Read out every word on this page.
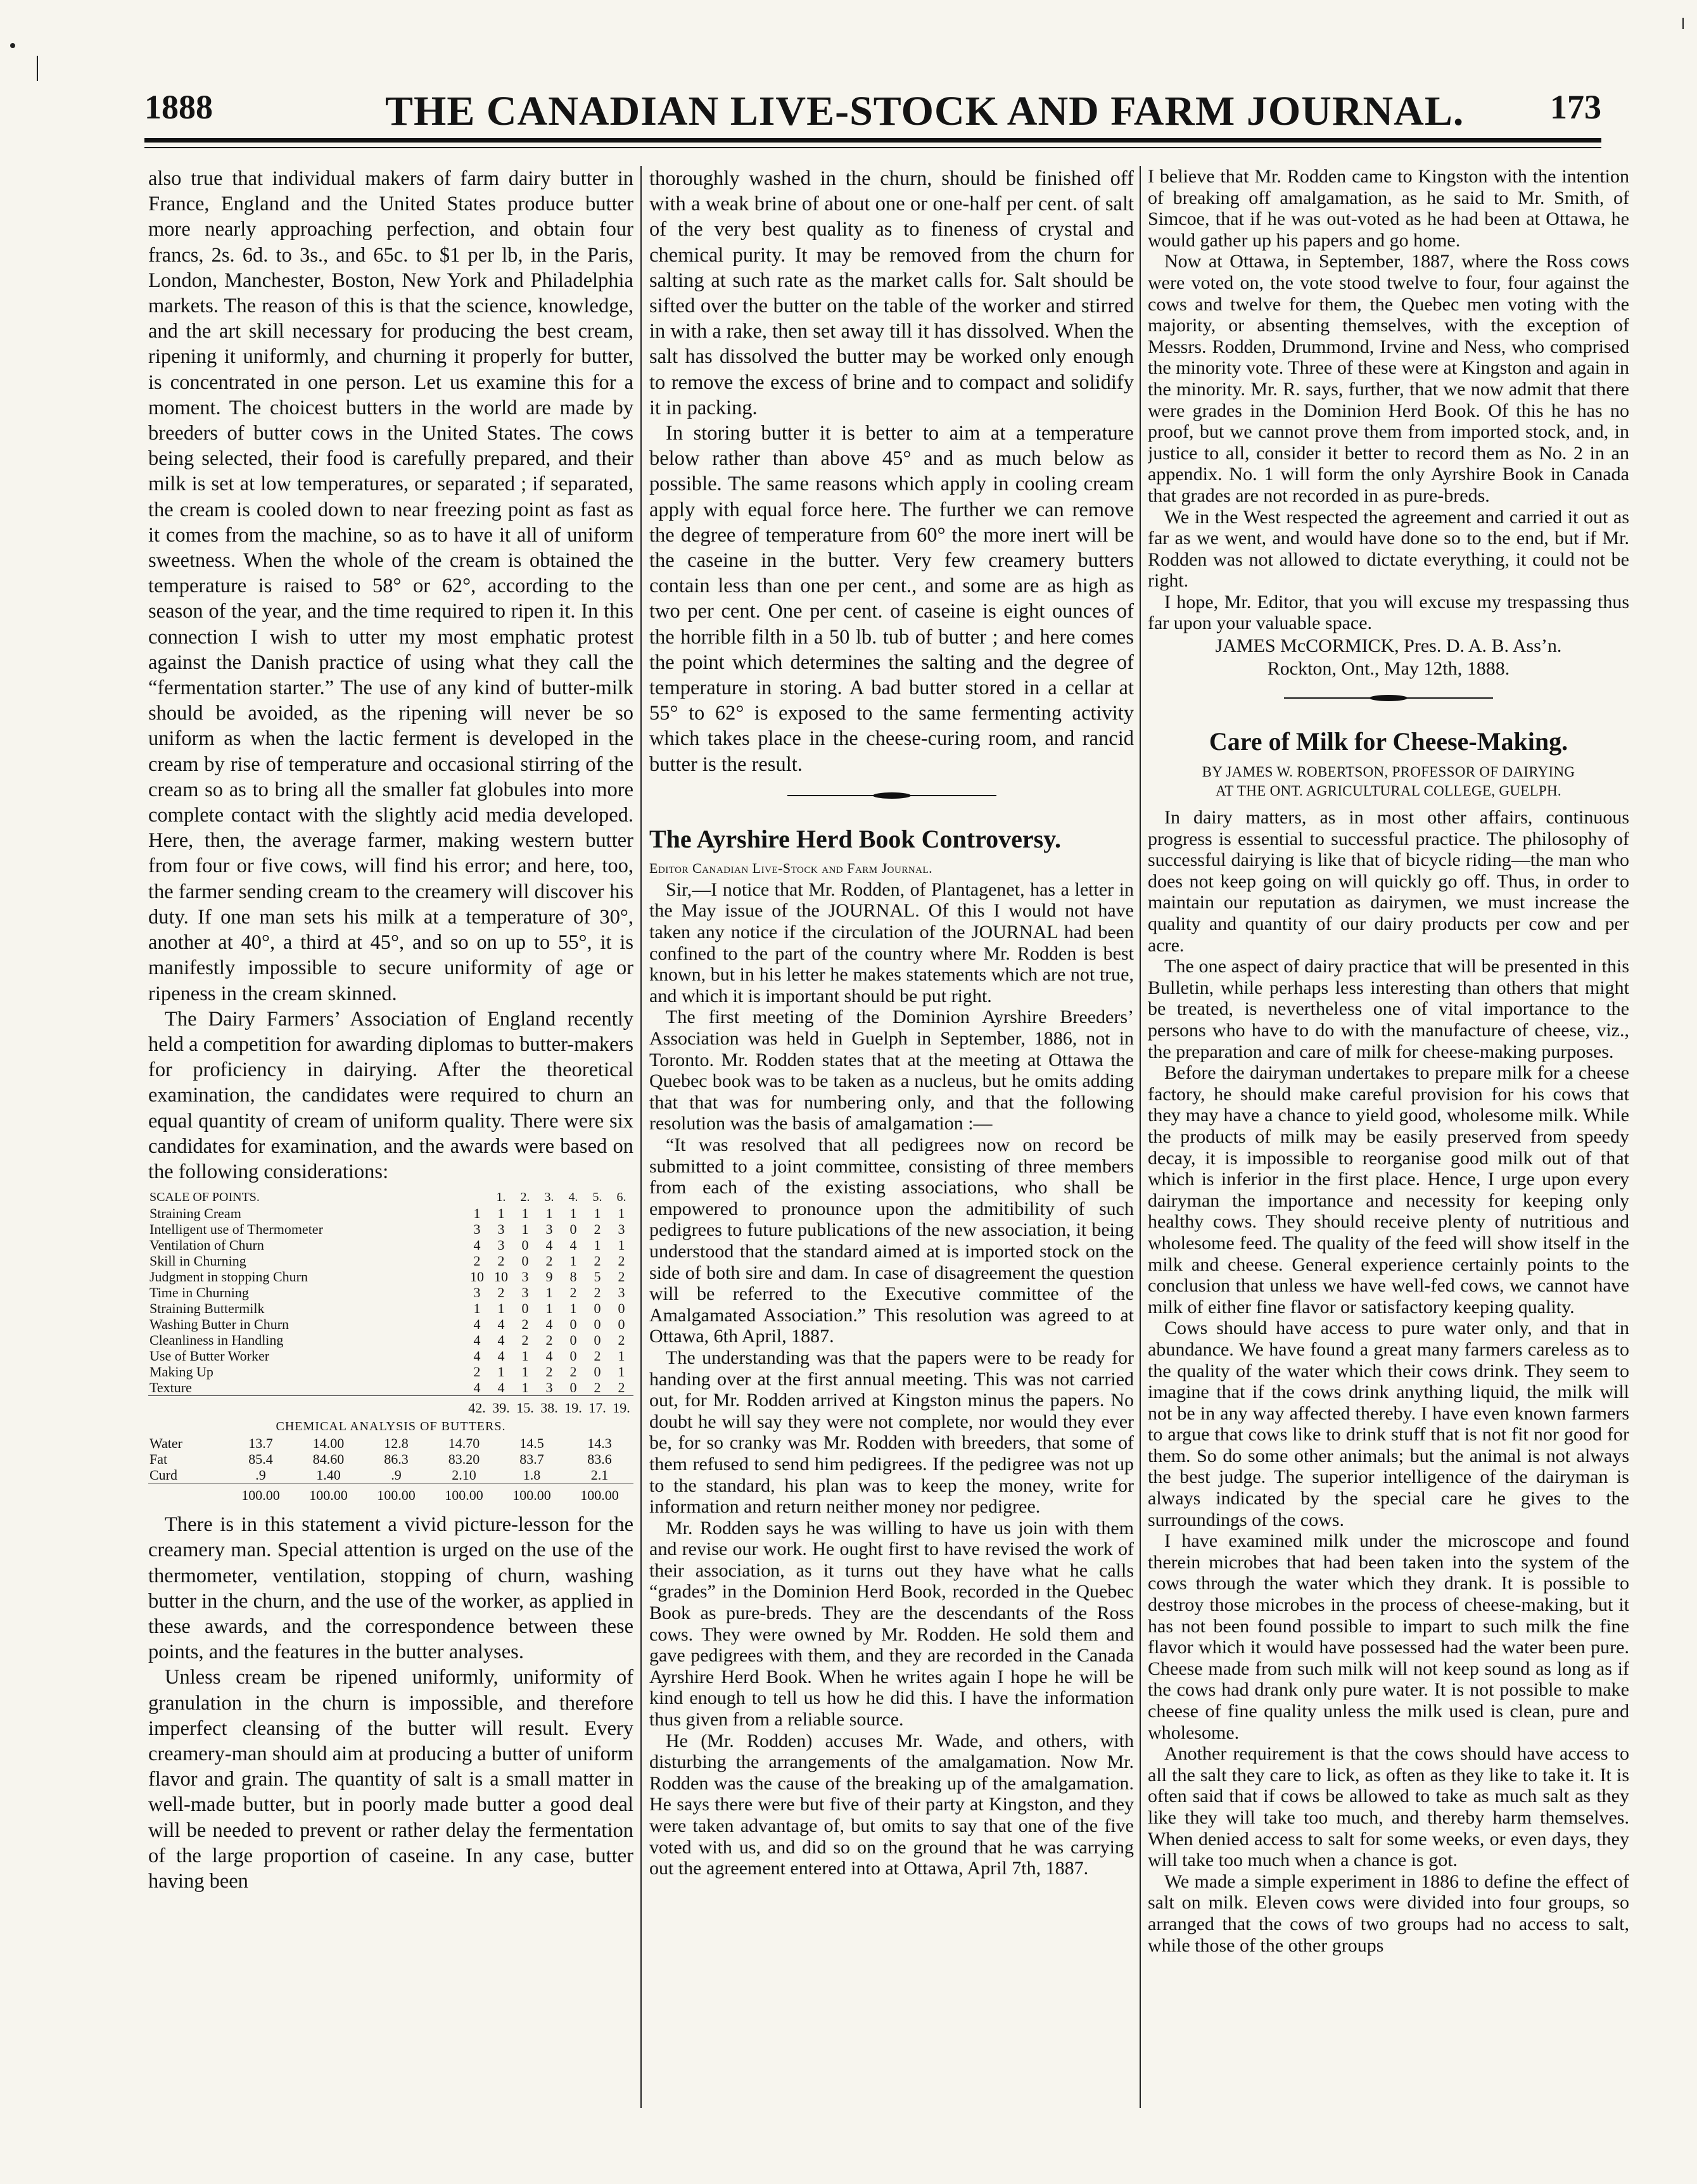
1888	THE CANADIAN LIVE-STOCK AND FARM JOURNAL.	173

also true that individual makers of farm dairy butter in France, England and the United States produce butter more nearly approaching perfection, and obtain four francs, 2s. 6d. to 3s., and 65c. to $1 per lb, in the Paris, London, Manchester, Boston, New York and Philadelphia markets. The reason of this is that the science, knowledge, and the art skill necessary for producing the best cream, ripening it uniformly, and churning it properly for butter, is concentrated in one person. Let us examine this for a moment. The choicest butters in the world are made by breeders of butter cows in the United States. The cows being selected, their food is carefully prepared, and their milk is set at low temperatures, or separated ; if separated, the cream is cooled down to near freezing point as fast as it comes from the machine, so as to have it all of uniform sweetness. When the whole of the cream is obtained the temperature is raised to 58° or 62°, according to the season of the year, and the time required to ripen it. In this connection I wish to utter my most emphatic protest against the Danish practice of using what they call the “fermentation starter.” The use of any kind of butter-milk should be avoided, as the ripening will never be so uniform as when the lactic ferment is developed in the cream by rise of temperature and occasional stirring of the cream so as to bring all the smaller fat globules into more complete contact with the slightly acid media developed. Here, then, the average farmer, making western butter from four or five cows, will find his error; and here, too, the farmer sending cream to the creamery will discover his duty. If one man sets his milk at a temperature of 30°, another at 40°, a third at 45°, and so on up to 55°, it is manifestly impossible to secure uniformity of age or ripeness in the cream skinned.

The Dairy Farmers’ Association of England recently held a competition for awarding diplomas to butter-makers for proficiency in dairying. After the theoretical examination, the candidates were required to churn an equal quantity of cream of uniform quality. There were six candidates for examination, and the awards were based on the following considerations:

SCALE OF POINTS.		1.	2.	3.	4.	5.	6.
Straining Cream	1	1	1	1	1	1	1
Intelligent use of Thermometer	3	3	1	3	0	2	3
Ventilation of Churn	4	3	0	4	4	1	1
Skill in Churning	2	2	0	2	1	2	2
Judgment in stopping Churn	10	10	3	9	8	5	2
Time in Churning	3	2	3	1	2	2	3
Straining Buttermilk	1	1	0	1	1	0	0
Washing Butter in Churn	4	4	2	4	0	0	0
Cleanliness in Handling	4	4	2	2	0	0	2
Use of Butter Worker	4	4	1	4	0	2	1
Making Up	2	1	1	2	2	0	1
Texture	4	4	1	3	0	2	2
	42.	39.	15.	38.	19.	17.	19.
CHEMICAL ANALYSIS OF BUTTERS.
Water	13.7	14.00	12.8	14.70	14.5	14.3
Fat	85.4	84.60	86.3	83.20	83.7	83.6
Curd	.9	1.40	.9	2.10	1.8	2.1
	100.00	100.00	100.00	100.00	100.00	100.00

There is in this statement a vivid picture-lesson for the creamery man. Special attention is urged on the use of the thermometer, ventilation, stopping of churn, washing butter in the churn, and the use of the worker, as applied in these awards, and the correspondence between these points, and the features in the butter analyses.

Unless cream be ripened uniformly, uniformity of granulation in the churn is impossible, and therefore imperfect cleansing of the butter will result. Every creamery-man should aim at producing a butter of uniform flavor and grain. The quantity of salt is a small matter in well-made butter, but in poorly made butter a good deal will be needed to prevent or rather delay the fermentation of the large proportion of caseine. In any case, butter having been

thoroughly washed in the churn, should be finished off with a weak brine of about one or one-half per cent. of salt of the very best quality as to fineness of crystal and chemical purity. It may be removed from the churn for salting at such rate as the market calls for. Salt should be sifted over the butter on the table of the worker and stirred in with a rake, then set away till it has dissolved. When the salt has dissolved the butter may be worked only enough to remove the excess of brine and to compact and solidify it in packing.

In storing butter it is better to aim at a temperature below rather than above 45° and as much below as possible. The same reasons which apply in cooling cream apply with equal force here. The further we can remove the degree of temperature from 60° the more inert will be the caseine in the butter. Very few creamery butters contain less than one per cent., and some are as high as two per cent. One per cent. of caseine is eight ounces of the horrible filth in a 50 lb. tub of butter ; and here comes the point which determines the salting and the degree of temperature in storing. A bad butter stored in a cellar at 55° to 62° is exposed to the same fermenting activity which takes place in the cheese-curing room, and rancid butter is the result.

The Ayrshire Herd Book Controversy.
Editor Canadian Live-Stock and Farm Journal.

Sir,—I notice that Mr. Rodden, of Plantagenet, has a letter in the May issue of the JOURNAL. Of this I would not have taken any notice if the circulation of the JOURNAL had been confined to the part of the country where Mr. Rodden is best known, but in his letter he makes statements which are not true, and which it is important should be put right.

The first meeting of the Dominion Ayrshire Breeders’ Association was held in Guelph in September, 1886, not in Toronto. Mr. Rodden states that at the meeting at Ottawa the Quebec book was to be taken as a nucleus, but he omits adding that that was for numbering only, and that the following resolution was the basis of amalgamation :—

“It was resolved that all pedigrees now on record be submitted to a joint committee, consisting of three members from each of the existing associations, who shall be empowered to pronounce upon the admitibility of such pedigrees to future publications of the new association, it being understood that the standard aimed at is imported stock on the side of both sire and dam. In case of disagreement the question will be referred to the Executive committee of the Amalgamated Association.” This resolution was agreed to at Ottawa, 6th April, 1887.

The understanding was that the papers were to be ready for handing over at the first annual meeting. This was not carried out, for Mr. Rodden arrived at Kingston minus the papers. No doubt he will say they were not complete, nor would they ever be, for so cranky was Mr. Rodden with breeders, that some of them refused to send him pedigrees. If the pedigree was not up to the standard, his plan was to keep the money, write for information and return neither money nor pedigree.

Mr. Rodden says he was willing to have us join with them and revise our work. He ought first to have revised the work of their association, as it turns out they have what he calls “grades” in the Dominion Herd Book, recorded in the Quebec Book as pure-breds. They are the descendants of the Ross cows. They were owned by Mr. Rodden. He sold them and gave pedigrees with them, and they are recorded in the Canada Ayrshire Herd Book. When he writes again I hope he will be kind enough to tell us how he did this. I have the information thus given from a reliable source.

He (Mr. Rodden) accuses Mr. Wade, and others, with disturbing the arrangements of the amalgamation. Now Mr. Rodden was the cause of the breaking up of the amalgamation. He says there were but five of their party at Kingston, and they were taken advantage of, but omits to say that one of the five voted with us, and did so on the ground that he was carrying out the agreement entered into at Ottawa, April 7th, 1887.

I believe that Mr. Rodden came to Kingston with the intention of breaking off amalgamation, as he said to Mr. Smith, of Simcoe, that if he was out-voted as he had been at Ottawa, he would gather up his papers and go home.

Now at Ottawa, in September, 1887, where the Ross cows were voted on, the vote stood twelve to four, four against the cows and twelve for them, the Quebec men voting with the majority, or absenting themselves, with the exception of Messrs. Rodden, Drummond, Irvine and Ness, who comprised the minority vote. Three of these were at Kingston and again in the minority. Mr. R. says, further, that we now admit that there were grades in the Dominion Herd Book. Of this he has no proof, but we cannot prove them from imported stock, and, in justice to all, consider it better to record them as No. 2 in an appendix. No. 1 will form the only Ayrshire Book in Canada that grades are not recorded in as pure-breds.

We in the West respected the agreement and carried it out as far as we went, and would have done so to the end, but if Mr. Rodden was not allowed to dictate everything, it could not be right.

I hope, Mr. Editor, that you will excuse my trespassing thus far upon your valuable space.

JAMES McCORMICK, Pres. D. A. B. Ass’n.
Rockton, Ont., May 12th, 1888.
Care of Milk for Cheese-Making.
BY JAMES W. ROBERTSON, PROFESSOR OF DAIRYING
AT THE ONT. AGRICULTURAL COLLEGE, GUELPH.

In dairy matters, as in most other affairs, continuous progress is essential to successful practice. The philosophy of successful dairying is like that of bicycle riding—the man who does not keep going on will quickly go off. Thus, in order to maintain our reputation as dairymen, we must increase the quality and quantity of our dairy products per cow and per acre.

The one aspect of dairy practice that will be presented in this Bulletin, while perhaps less interesting than others that might be treated, is nevertheless one of vital importance to the persons who have to do with the manufacture of cheese, viz., the preparation and care of milk for cheese-making purposes.

Before the dairyman undertakes to prepare milk for a cheese factory, he should make careful provision for his cows that they may have a chance to yield good, wholesome milk. While the products of milk may be easily preserved from speedy decay, it is impossible to reorganise good milk out of that which is inferior in the first place. Hence, I urge upon every dairyman the importance and necessity for keeping only healthy cows. They should receive plenty of nutritious and wholesome feed. The quality of the feed will show itself in the milk and cheese. General experience certainly points to the conclusion that unless we have well-fed cows, we cannot have milk of either fine flavor or satisfactory keeping quality.

Cows should have access to pure water only, and that in abundance. We have found a great many farmers careless as to the quality of the water which their cows drink. They seem to imagine that if the cows drink anything liquid, the milk will not be in any way affected thereby. I have even known farmers to argue that cows like to drink stuff that is not fit nor good for them. So do some other animals; but the animal is not always the best judge. The superior intelligence of the dairyman is always indicated by the special care he gives to the surroundings of the cows.

I have examined milk under the microscope and found therein microbes that had been taken into the system of the cows through the water which they drank. It is possible to destroy those microbes in the process of cheese-making, but it has not been found possible to impart to such milk the fine flavor which it would have possessed had the water been pure. Cheese made from such milk will not keep sound as long as if the cows had drank only pure water. It is not possible to make cheese of fine quality unless the milk used is clean, pure and wholesome.

Another requirement is that the cows should have access to all the salt they care to lick, as often as they like to take it. It is often said that if cows be allowed to take as much salt as they like they will take too much, and thereby harm themselves. When denied access to salt for some weeks, or even days, they will take too much when a chance is got.

We made a simple experiment in 1886 to define the effect of salt on milk. Eleven cows were divided into four groups, so arranged that the cows of two groups had no access to salt, while those of the other groups
